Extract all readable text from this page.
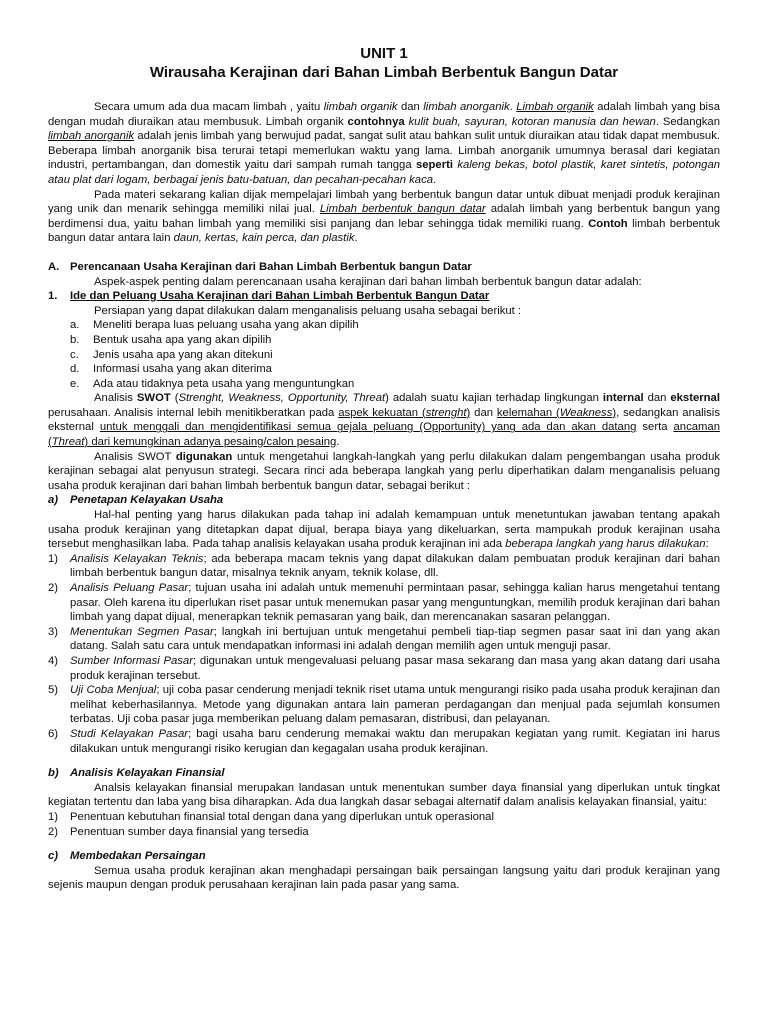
UNIT 1
Wirausaha Kerajinan dari Bahan Limbah Berbentuk Bangun Datar

Secara umum ada dua macam limbah , yaitu limbah organik dan limbah anorganik. Limbah organik adalah limbah yang bisa dengan mudah diuraikan atau membusuk. Limbah organik contohnya kulit buah, sayuran, kotoran manusia dan hewan. Sedangkan limbah anorganik adalah jenis limbah yang berwujud padat, sangat sulit atau bahkan sulit untuk diuraikan atau tidak dapat membusuk. Beberapa limbah anorganik bisa terurai tetapi memerlukan waktu yang lama. Limbah anorganik umumnya berasal dari kegiatan industri, pertambangan, dan domestik yaitu dari sampah rumah tangga seperti kaleng bekas, botol plastik, karet sintetis, potongan atau plat dari logam, berbagai jenis batu-batuan, dan pecahan-pecahan kaca.

Pada materi sekarang kalian dijak mempelajari limbah yang berbentuk bangun datar untuk dibuat menjadi produk kerajinan yang unik dan menarik sehingga memiliki nilai jual. Limbah berbentuk bangun datar adalah limbah yang berbentuk bangun yang berdimensi dua, yaitu bahan limbah yang memiliki sisi panjang dan lebar sehingga tidak memiliki ruang. Contoh limbah berbentuk bangun datar antara lain daun, kertas, kain perca, dan plastik.

A. Perencanaan Usaha Kerajinan dari Bahan Limbah Berbentuk bangun Datar

Aspek-aspek penting dalam perencanaan usaha kerajinan dari bahan limbah berbentuk bangun datar adalah:

1.	Ide dan Peluang Usaha Kerajinan dari Bahan Limbah Berbentuk Bangun Datar

Persiapan yang dapat dilakukan dalam menganalisis peluang usaha sebagai berikut :

a.	Meneliti berapa luas peluang usaha yang akan dipilih
b.	Bentuk usaha apa yang akan dipilih
c.	Jenis usaha apa yang akan ditekuni
d.	Informasi usaha yang akan diterima
e.	Ada atau tidaknya peta usaha yang menguntungkan

Analisis SWOT (Strenght, Weakness, Opportunity, Threat) adalah suatu kajian terhadap lingkungan internal dan eksternal perusahaan. Analisis internal lebih menitikberatkan pada aspek kekuatan (strenght) dan kelemahan (Weakness), sedangkan analisis eksternal untuk menggali dan mengidentifikasi semua gejala peluang (Opportunity) yang ada dan akan datang serta ancaman (Threat) dari kemungkinan adanya pesaing/calon pesaing.

Analisis SWOT digunakan untuk mengetahui langkah-langkah yang perlu dilakukan dalam pengembangan usaha produk kerajinan sebagai alat penyusun strategi. Secara rinci ada beberapa langkah yang perlu diperhatikan dalam menganalisis peluang usaha produk kerajinan dari bahan limbah berbentuk bangun datar, sebagai berikut :

a)	Penetapan Kelayakan Usaha

Hal-hal penting yang harus dilakukan pada tahap ini adalah kemampuan untuk menetuntukan jawaban tentang apakah usaha produk kerajinan yang ditetapkan dapat dijual, berapa biaya yang dikeluarkan, serta mampukah produk kerajinan usaha tersebut menghasilkan laba. Pada tahap analisis kelayakan usaha produk kerajinan ini ada beberapa langkah yang harus dilakukan:

1)	Analisis Kelayakan Teknis; ada beberapa macam teknis yang dapat dilakukan dalam pembuatan produk kerajinan dari bahan limbah berbentuk bangun datar, misalnya teknik anyam, teknik kolase, dll.
2)	Analisis Peluang Pasar; tujuan usaha ini adalah untuk memenuhi permintaan pasar, sehingga kalian harus mengetahui tentang pasar. Oleh karena itu diperlukan riset pasar untuk menemukan pasar yang menguntungkan, memilih produk kerajinan dari bahan limbah yang dapat dijual, menerapkan teknik pemasaran yang baik, dan merencanakan sasaran pelanggan.
3)	Menentukan Segmen Pasar; langkah ini bertujuan untuk mengetahui pembeli tiap-tiap segmen pasar saat ini dan yang akan datang. Salah satu cara untuk mendapatkan informasi ini adalah dengan memilih agen untuk menguji pasar.
4)	Sumber Informasi Pasar; digunakan untuk mengevaluasi peluang pasar masa sekarang dan masa yang akan datang dari usaha produk kerajinan tersebut.
5)	Uji Coba Menjual; uji coba pasar cenderung menjadi teknik riset utama untuk mengurangi risiko pada usaha produk kerajinan dan melihat keberhasilannya. Metode yang digunakan antara lain pameran perdagangan dan menjual pada sejumlah konsumen terbatas. Uji coba pasar juga memberikan peluang dalam pemasaran, distribusi, dan pelayanan.
6)	Studi Kelayakan Pasar; bagi usaha baru cenderung memakai waktu dan merupakan kegiatan yang rumit. Kegiatan ini harus dilakukan untuk mengurangi risiko kerugian dan kegagalan usaha produk kerajinan.
b)	Analisis Kelayakan Finansial

Analsis kelayakan finansial merupakan landasan untuk menentukan sumber daya finansial yang diperlukan untuk tingkat kegiatan tertentu dan laba yang bisa diharapkan. Ada dua langkah dasar sebagai alternatif dalam analisis kelayakan finansial, yaitu:

1)	Penentuan kebutuhan finansial total dengan dana yang diperlukan untuk operasional
2)	Penentuan sumber daya finansial yang tersedia
c)	Membedakan Persaingan

Semua usaha produk kerajinan akan menghadapi persaingan baik persaingan langsung yaitu dari produk kerajinan yang sejenis maupun dengan produk perusahaan kerajinan lain pada pasar yang sama.
